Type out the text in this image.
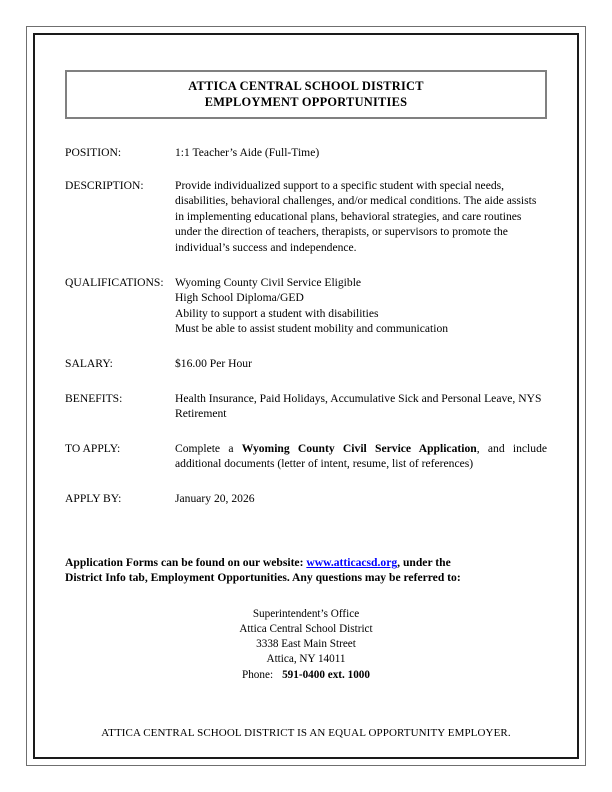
ATTICA CENTRAL SCHOOL DISTRICT
EMPLOYMENT OPPORTUNITIES
POSITION:	1:1 Teacher’s Aide (Full-Time)
DESCRIPTION:	Provide individualized support to a specific student with special needs, disabilities, behavioral challenges, and/or medical conditions. The aide assists in implementing educational plans, behavioral strategies, and care routines under the direction of teachers, therapists, or supervisors to promote the individual’s success and independence.
QUALIFICATIONS: Wyoming County Civil Service Eligible
High School Diploma/GED
Ability to support a student with disabilities
Must be able to assist student mobility and communication
SALARY:	$16.00 Per Hour
BENEFITS:	Health Insurance, Paid Holidays, Accumulative Sick and Personal Leave, NYS Retirement
TO APPLY:	Complete a Wyoming County Civil Service Application, and include additional documents (letter of intent, resume, list of references)
APPLY BY:	January 20, 2026
Application Forms can be found on our website: www.atticacsd.org, under the District Info tab, Employment Opportunities. Any questions may be referred to:
Superintendent’s Office
Attica Central School District
3338 East Main Street
Attica, NY 14011
Phone: 591-0400 ext. 1000
ATTICA CENTRAL SCHOOL DISTRICT IS AN EQUAL OPPORTUNITY EMPLOYER.
